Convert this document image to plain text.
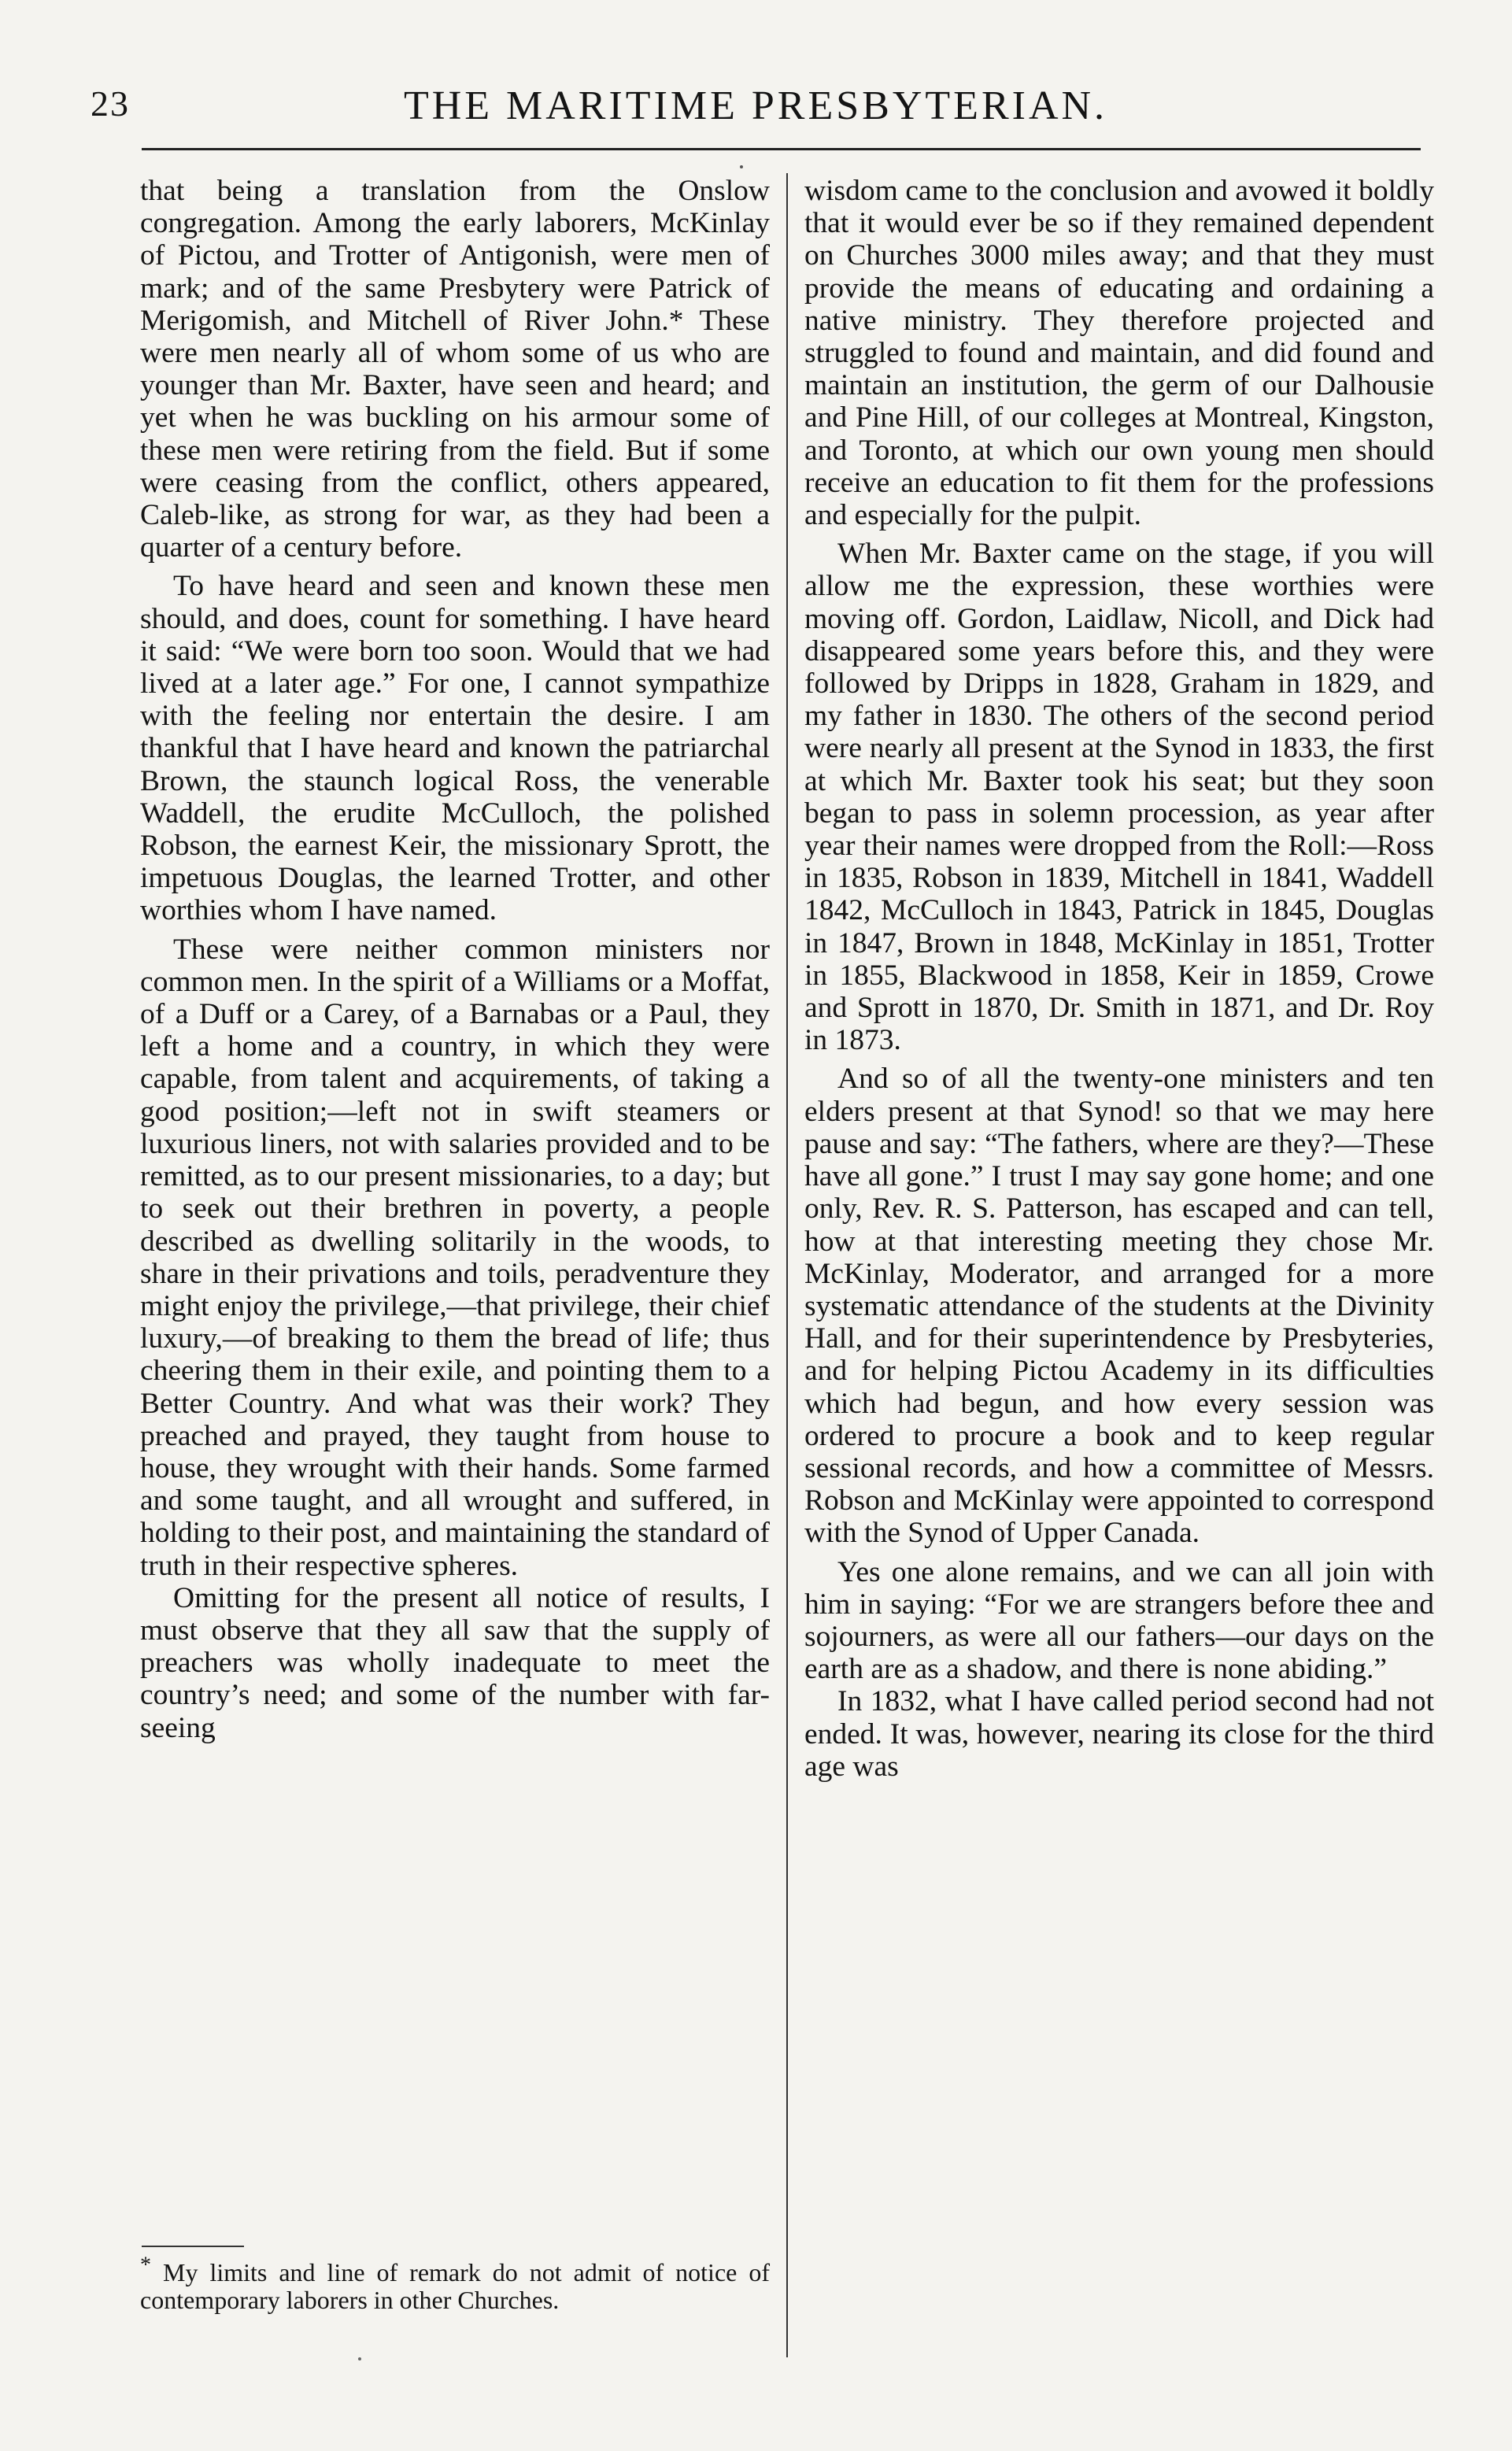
23	THE MARITIME PRESBYTERIAN.

that being a translation from the Onslow congregation. Among the early laborers, McKinlay of Pictou, and Trotter of Antigonish, were men of mark; and of the same Presbytery were Patrick of Merigomish, and Mitchell of River John.* These were men nearly all of whom some of us who are younger than Mr. Baxter, have seen and heard; and yet when he was buckling on his armour some of these men were retiring from the field. But if some were ceasing from the conflict, others appeared, Caleb-like, as strong for war, as they had been a quarter of a century before.

To have heard and seen and known these men should, and does, count for something. I have heard it said: “We were born too soon. Would that we had lived at a later age.” For one, I cannot sympathize with the feeling nor entertain the desire. I am thankful that I have heard and known the patriarchal Brown, the staunch logical Ross, the venerable Waddell, the erudite McCulloch, the polished Robson, the earnest Keir, the missionary Sprott, the impetuous Douglas, the learned Trotter, and other worthies whom I have named.

These were neither common ministers nor common men. In the spirit of a Williams or a Moffat, of a Duff or a Carey, of a Barnabas or a Paul, they left a home and a country, in which they were capable, from talent and acquirements, of taking a good position;—left not in swift steamers or luxurious liners, not with salaries provided and to be remitted, as to our present missionaries, to a day; but to seek out their brethren in poverty, a people described as dwelling solitarily in the woods, to share in their privations and toils, peradventure they might enjoy the privilege,—that privilege, their chief luxury,—of breaking to them the bread of life; thus cheering them in their exile, and pointing them to a Better Country. And what was their work? They preached and prayed, they taught from house to house, they wrought with their hands. Some farmed and some taught, and all wrought and suffered, in holding to their post, and maintaining the standard of truth in their respective spheres.

Omitting for the present all notice of results, I must observe that they all saw that the supply of preachers was wholly inadequate to meet the country’s need; and some of the number with far-seeing

wisdom came to the conclusion and avowed it boldly that it would ever be so if they remained dependent on Churches 3000 miles away; and that they must provide the means of educating and ordaining a native ministry. They therefore projected and struggled to found and maintain, and did found and maintain an institution, the germ of our Dalhousie and Pine Hill, of our colleges at Montreal, Kingston, and Toronto, at which our own young men should receive an education to fit them for the professions and especially for the pulpit.

When Mr. Baxter came on the stage, if you will allow me the expression, these worthies were moving off. Gordon, Laidlaw, Nicoll, and Dick had disappeared some years before this, and they were followed by Dripps in 1828, Graham in 1829, and my father in 1830. The others of the second period were nearly all present at the Synod in 1833, the first at which Mr. Baxter took his seat; but they soon began to pass in solemn procession, as year after year their names were dropped from the Roll:—Ross in 1835, Robson in 1839, Mitchell in 1841, Waddell 1842, McCulloch in 1843, Patrick in 1845, Douglas in 1847, Brown in 1848, McKinlay in 1851, Trotter in 1855, Blackwood in 1858, Keir in 1859, Crowe and Sprott in 1870, Dr. Smith in 1871, and Dr. Roy in 1873.

And so of all the twenty-one ministers and ten elders present at that Synod! so that we may here pause and say: “The fathers, where are they?—These have all gone.” I trust I may say gone home; and one only, Rev. R. S. Patterson, has escaped and can tell, how at that interesting meeting they chose Mr. McKinlay, Moderator, and arranged for a more systematic attendance of the students at the Divinity Hall, and for their superintendence by Presbyteries, and for helping Pictou Academy in its difficulties which had begun, and how every session was ordered to procure a book and to keep regular sessional records, and how a committee of Messrs. Robson and McKinlay were appointed to correspond with the Synod of Upper Canada.

Yes one alone remains, and we can all join with him in saying: “For we are strangers before thee and sojourners, as were all our fathers—our days on the earth are as a shadow, and there is none abiding.”

In 1832, what I have called period second had not ended. It was, however, nearing its close for the third age was

* My limits and line of remark do not admit of notice of contemporary laborers in other Churches.
